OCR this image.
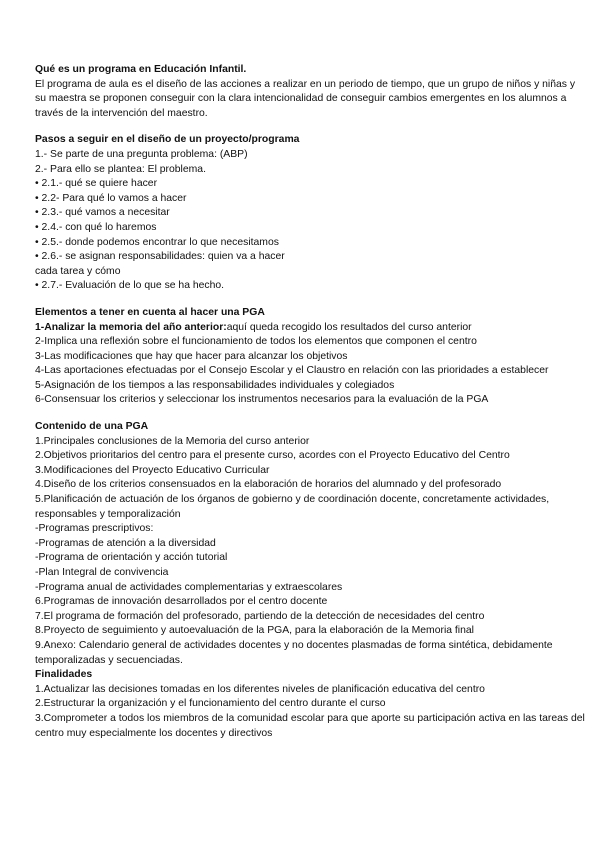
Qué es un programa en Educación Infantil.
El programa de aula es el diseño de las acciones a realizar en un periodo de tiempo, que un grupo de niños y niñas y su maestra se proponen conseguir con la clara intencionalidad de conseguir cambios emergentes en los alumnos a través de la intervención del maestro.
Pasos a seguir en el diseño de un proyecto/programa
1.- Se parte de una pregunta problema: (ABP)
2.- Para ello se plantea: El problema.
• 2.1.- qué se quiere hacer
• 2.2- Para qué lo vamos a hacer
• 2.3.- qué vamos a necesitar
• 2.4.- con qué lo haremos
• 2.5.- donde podemos encontrar lo que necesitamos
• 2.6.- se asignan responsabilidades: quien va a hacer
cada tarea y cómo
• 2.7.- Evaluación de lo que se ha hecho.
Elementos a tener en cuenta al hacer una PGA
1-Analizar la memoria del año anterior:aquí queda recogido los resultados del curso anterior
2-Implica una reflexión sobre el funcionamiento de todos los elementos que componen el centro
3-Las modificaciones que hay que hacer para alcanzar los objetivos
4-Las aportaciones efectuadas por el Consejo Escolar y el Claustro en relación con las prioridades a establecer
5-Asignación de los tiempos a las responsabilidades individuales y colegiados
6-Consensuar los criterios y seleccionar los instrumentos necesarios para la evaluación de la PGA
Contenido de una PGA
1.Principales conclusiones de la Memoria del curso anterior
2.Objetivos prioritarios del centro para el presente curso, acordes con el Proyecto Educativo del Centro
3.Modificaciones del Proyecto Educativo Curricular
4.Diseño de los criterios consensuados en la elaboración de horarios del alumnado y del profesorado
5.Planificación de actuación de los órganos de gobierno y de coordinación docente, concretamente actividades, responsables y temporalización
-Programas prescriptivos:
-Programas de atención a la diversidad
-Programa de orientación y acción tutorial
-Plan Integral de convivencia
-Programa anual de actividades complementarias y extraescolares
6.Programas de innovación desarrollados por el centro docente
7.El programa de formación del profesorado, partiendo de la detección de necesidades del centro
8.Proyecto de seguimiento y autoevaluación de la PGA, para la elaboración de la Memoria final
9.Anexo: Calendario general de actividades docentes y no docentes plasmadas de forma sintética, debidamente temporalizadas y secuenciadas.
Finalidades
1.Actualizar las decisiones tomadas en los diferentes niveles de planificación educativa del centro
2.Estructurar la organización y el funcionamiento del centro durante el curso
3.Comprometer a todos los miembros de la comunidad escolar para que aporte su participación activa en las tareas del centro muy especialmente los docentes y directivos
